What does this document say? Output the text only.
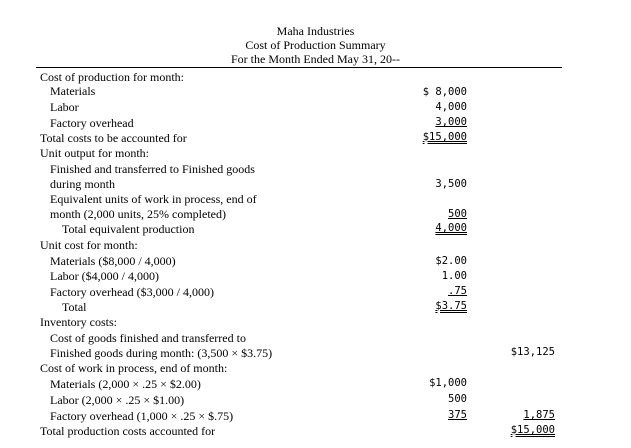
Maha Industries
Cost of Production Summary
For the Month Ended May 31, 20--
Cost of production for month:
Materials	$ 8,000
Labor	4,000
Factory overhead	3,000
Total costs to be accounted for	$15,000
Unit output for month:
Finished and transferred to Finished goods
during month	3,500
Equivalent units of work in process, end of
month (2,000 units, 25% completed)	500
Total equivalent production	4,000
Unit cost for month:
Materials ($8,000 / 4,000)	$2.00
Labor ($4,000 / 4,000)	1.00
Factory overhead ($3,000 / 4,000)	.75
Total	$3.75
Inventory costs:
Cost of goods finished and transferred to
Finished goods during month: (3,500 × $3.75)	$13,125
Cost of work in process, end of month:
Materials (2,000 × .25 × $2.00)	$1,000
Labor (2,000 × .25 × $1.00)	500
Factory overhead (1,000 × .25 × $.75)	375	1,875
Total production costs accounted for	$15,000
